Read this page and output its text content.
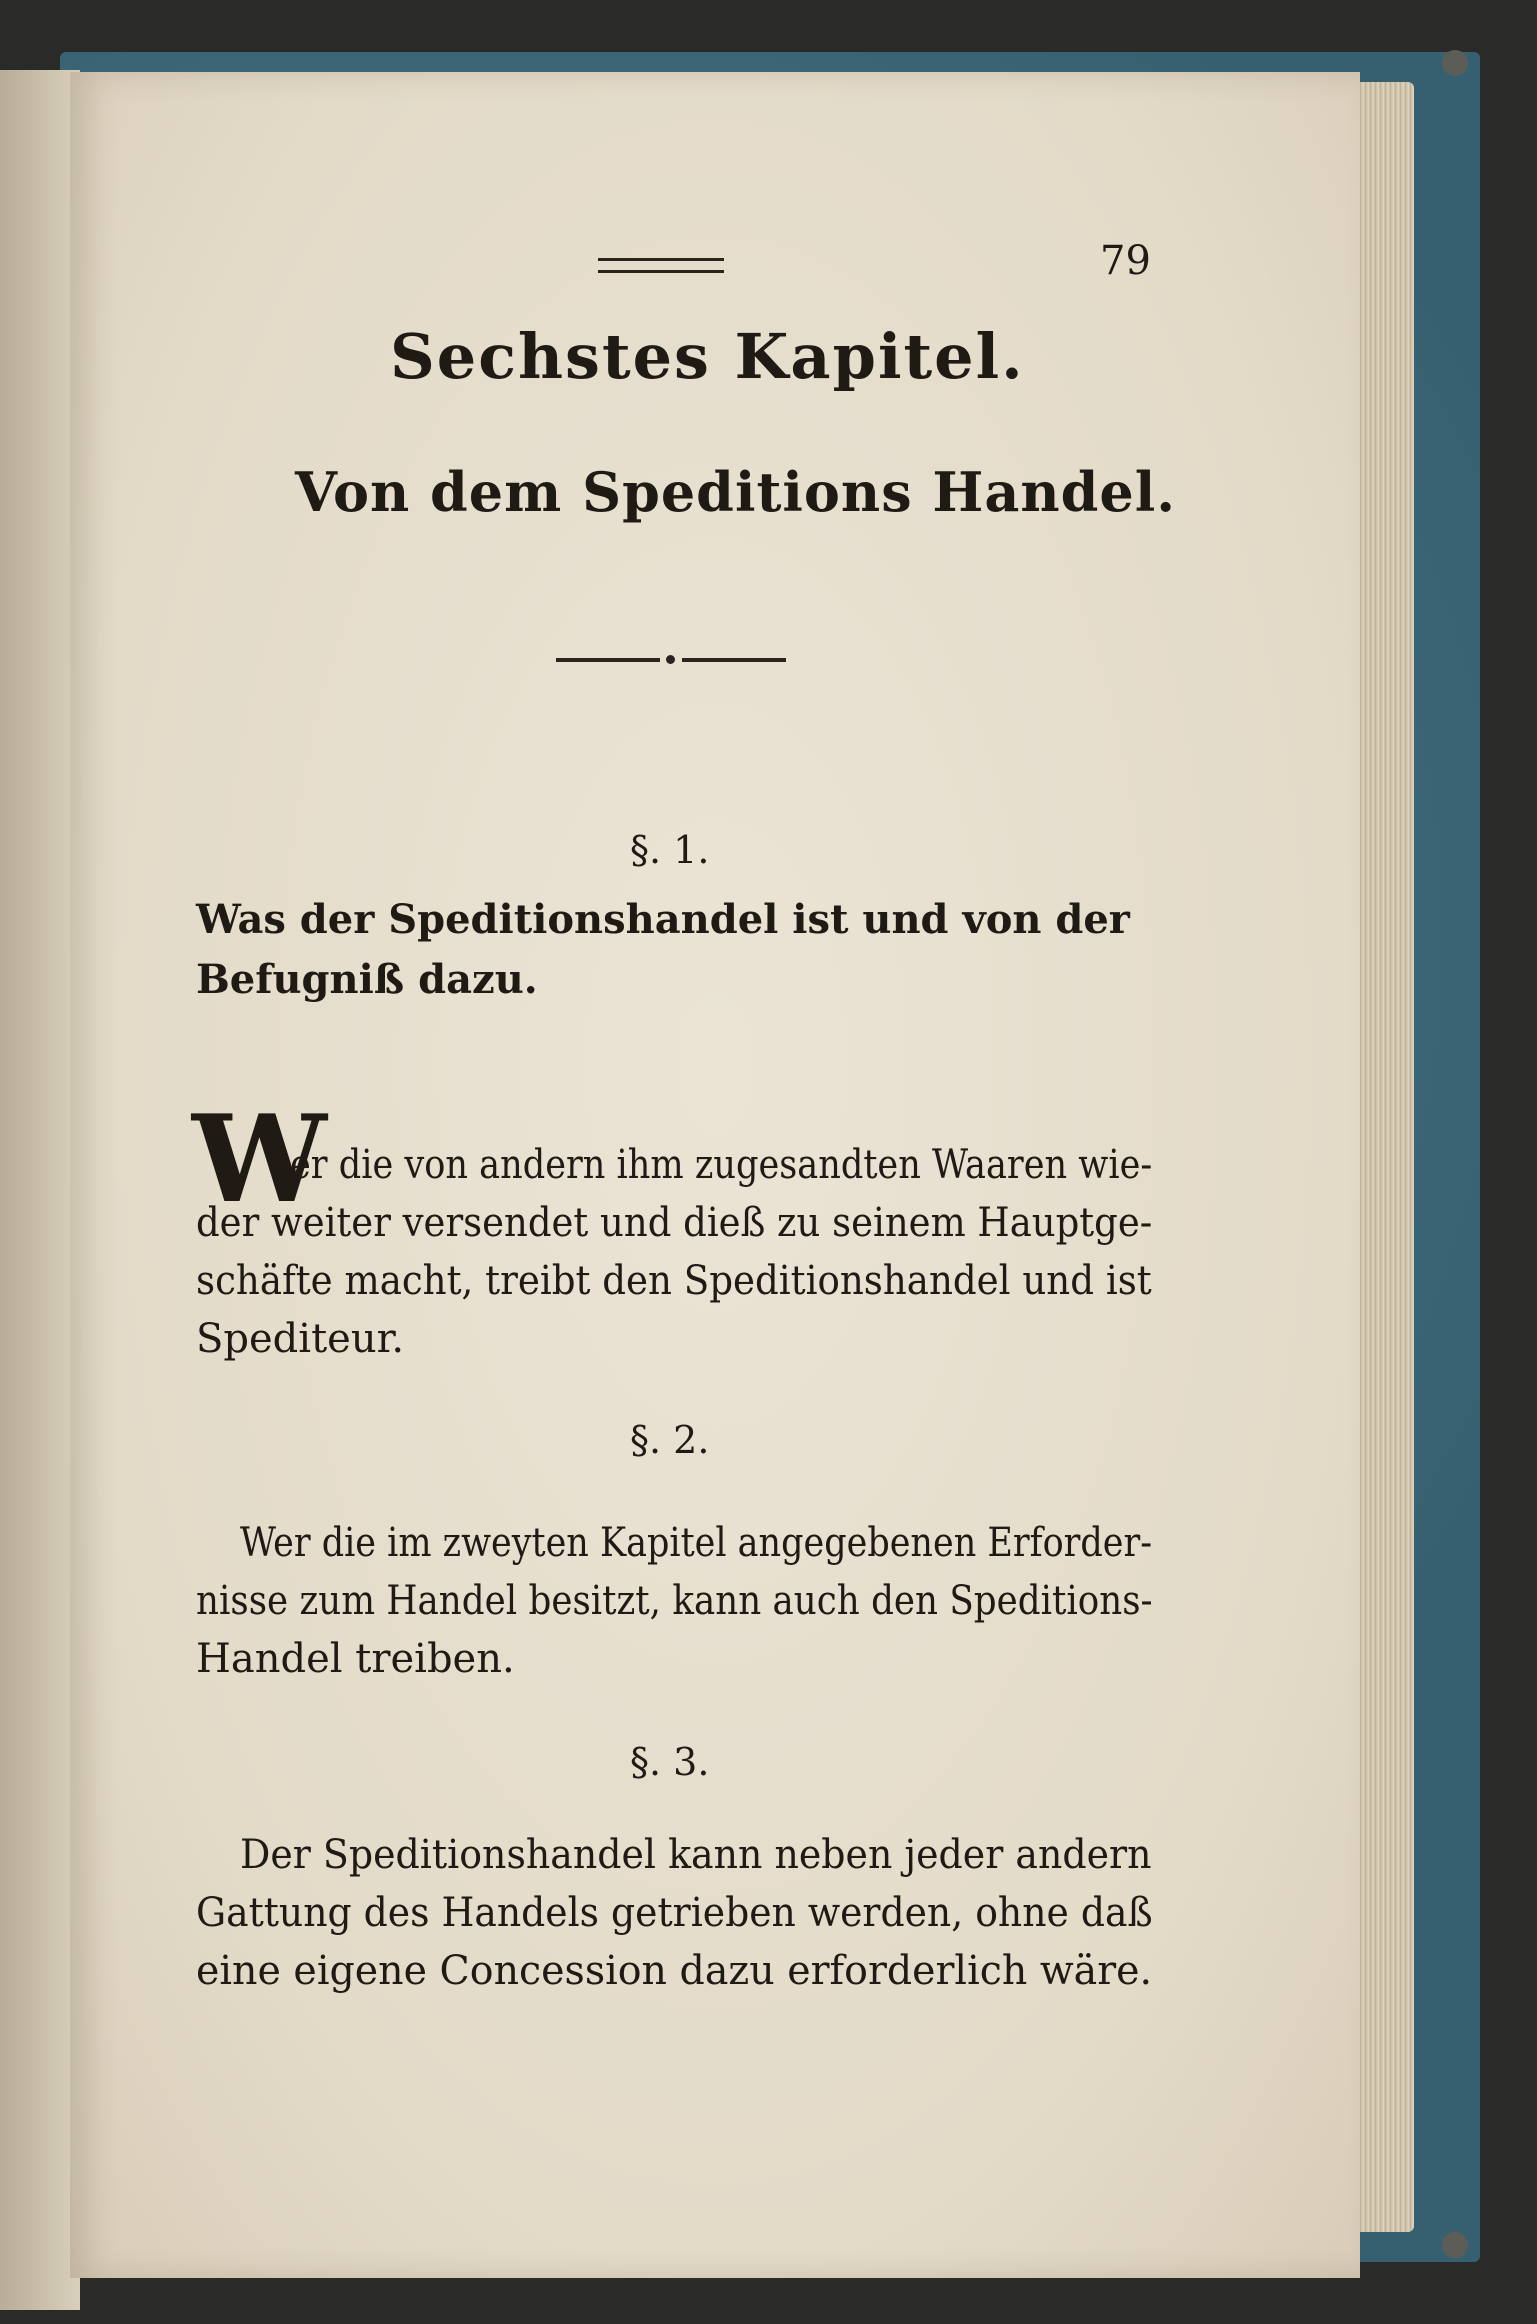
79
Sechstes Kapitel.
Von dem Speditions Handel.
§. 1.
Was der Speditionshandel ist und von der
Befugniß dazu.
W
er die von andern ihm zugesandten Waaren wie-
der weiter versendet und dieß zu seinem Hauptge-
schäfte macht, treibt den Speditionshandel und ist
Spediteur.
§. 2.
Wer die im zweyten Kapitel angegebenen Erforder-
nisse zum Handel besitzt, kann auch den Speditions-
Handel treiben.
§. 3.
Der Speditionshandel kann neben jeder andern
Gattung des Handels getrieben werden, ohne daß
eine eigene Concession dazu erforderlich wäre.
